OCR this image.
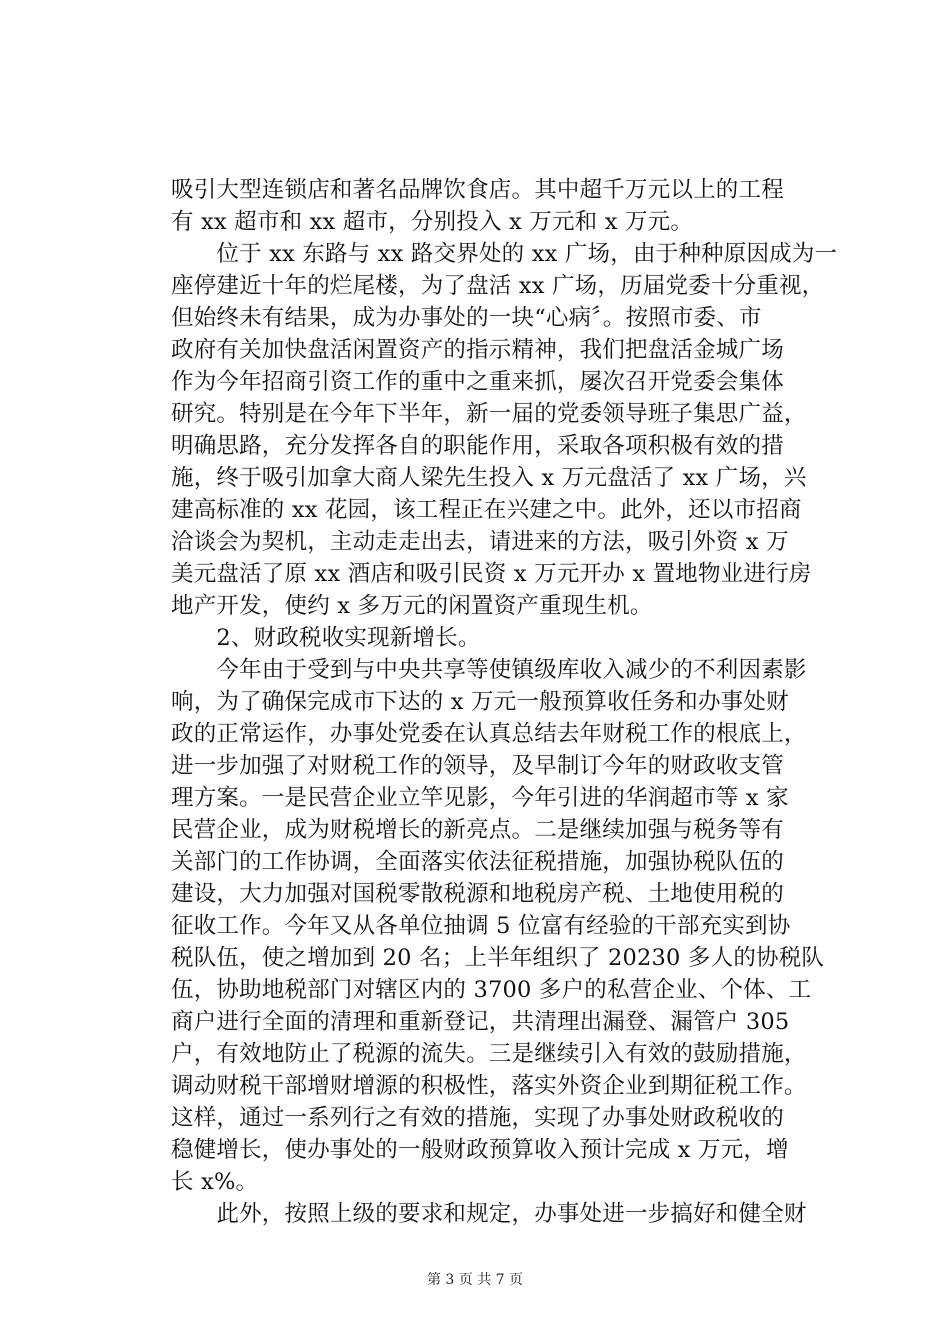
吸引大型连锁店和著名品牌饮食店。其中超千万元以上的工程
有 xx 超市和 xx 超市，分别投入 x 万元和 x 万元。
　　位于 xx 东路与 xx 路交界处的 xx 广场，由于种种原因成为一
座停建近十年的烂尾楼，为了盘活 xx 广场，历届党委十分重视，
但始终未有结果，成为办事处的一块“心病〞。按照市委、市
政府有关加快盘活闲置资产的指示精神，我们把盘活金城广场
作为今年招商引资工作的重中之重来抓，屡次召开党委会集体
研究。特别是在今年下半年，新一届的党委领导班子集思广益，
明确思路，充分发挥各自的职能作用，采取各项积极有效的措
施，终于吸引加拿大商人梁先生投入 x 万元盘活了 xx 广场，兴
建高标准的 xx 花园，该工程正在兴建之中。此外，还以市招商
洽谈会为契机，主动走走出去，请进来的方法，吸引外资 x 万
美元盘活了原 xx 酒店和吸引民资 x 万元开办 x 置地物业进行房
地产开发，使约 x 多万元的闲置资产重现生机。
　　2、财政税收实现新增长。
　　今年由于受到与中央共享等使镇级库收入减少的不利因素影
响，为了确保完成市下达的 x 万元一般预算收任务和办事处财
政的正常运作，办事处党委在认真总结去年财税工作的根底上，
进一步加强了对财税工作的领导，及早制订今年的财政收支管
理方案。一是民营企业立竿见影，今年引进的华润超市等 x 家
民营企业，成为财税增长的新亮点。二是继续加强与税务等有
关部门的工作协调，全面落实依法征税措施，加强协税队伍的
建设，大力加强对国税零散税源和地税房产税、土地使用税的
征收工作。今年又从各单位抽调 5 位富有经验的干部充实到协
税队伍，使之增加到 20 名；上半年组织了 20230 多人的协税队
伍，协助地税部门对辖区内的 3700 多户的私营企业、个体、工
商户进行全面的清理和重新登记，共清理出漏登、漏管户 305
户，有效地防止了税源的流失。三是继续引入有效的鼓励措施，
调动财税干部增财增源的积极性，落实外资企业到期征税工作。
这样，通过一系列行之有效的措施，实现了办事处财政税收的
稳健增长，使办事处的一般财政预算收入预计完成 x 万元，增
长 x%。
　　此外，按照上级的要求和规定，办事处进一步搞好和健全财
第 3 页 共 7 页
